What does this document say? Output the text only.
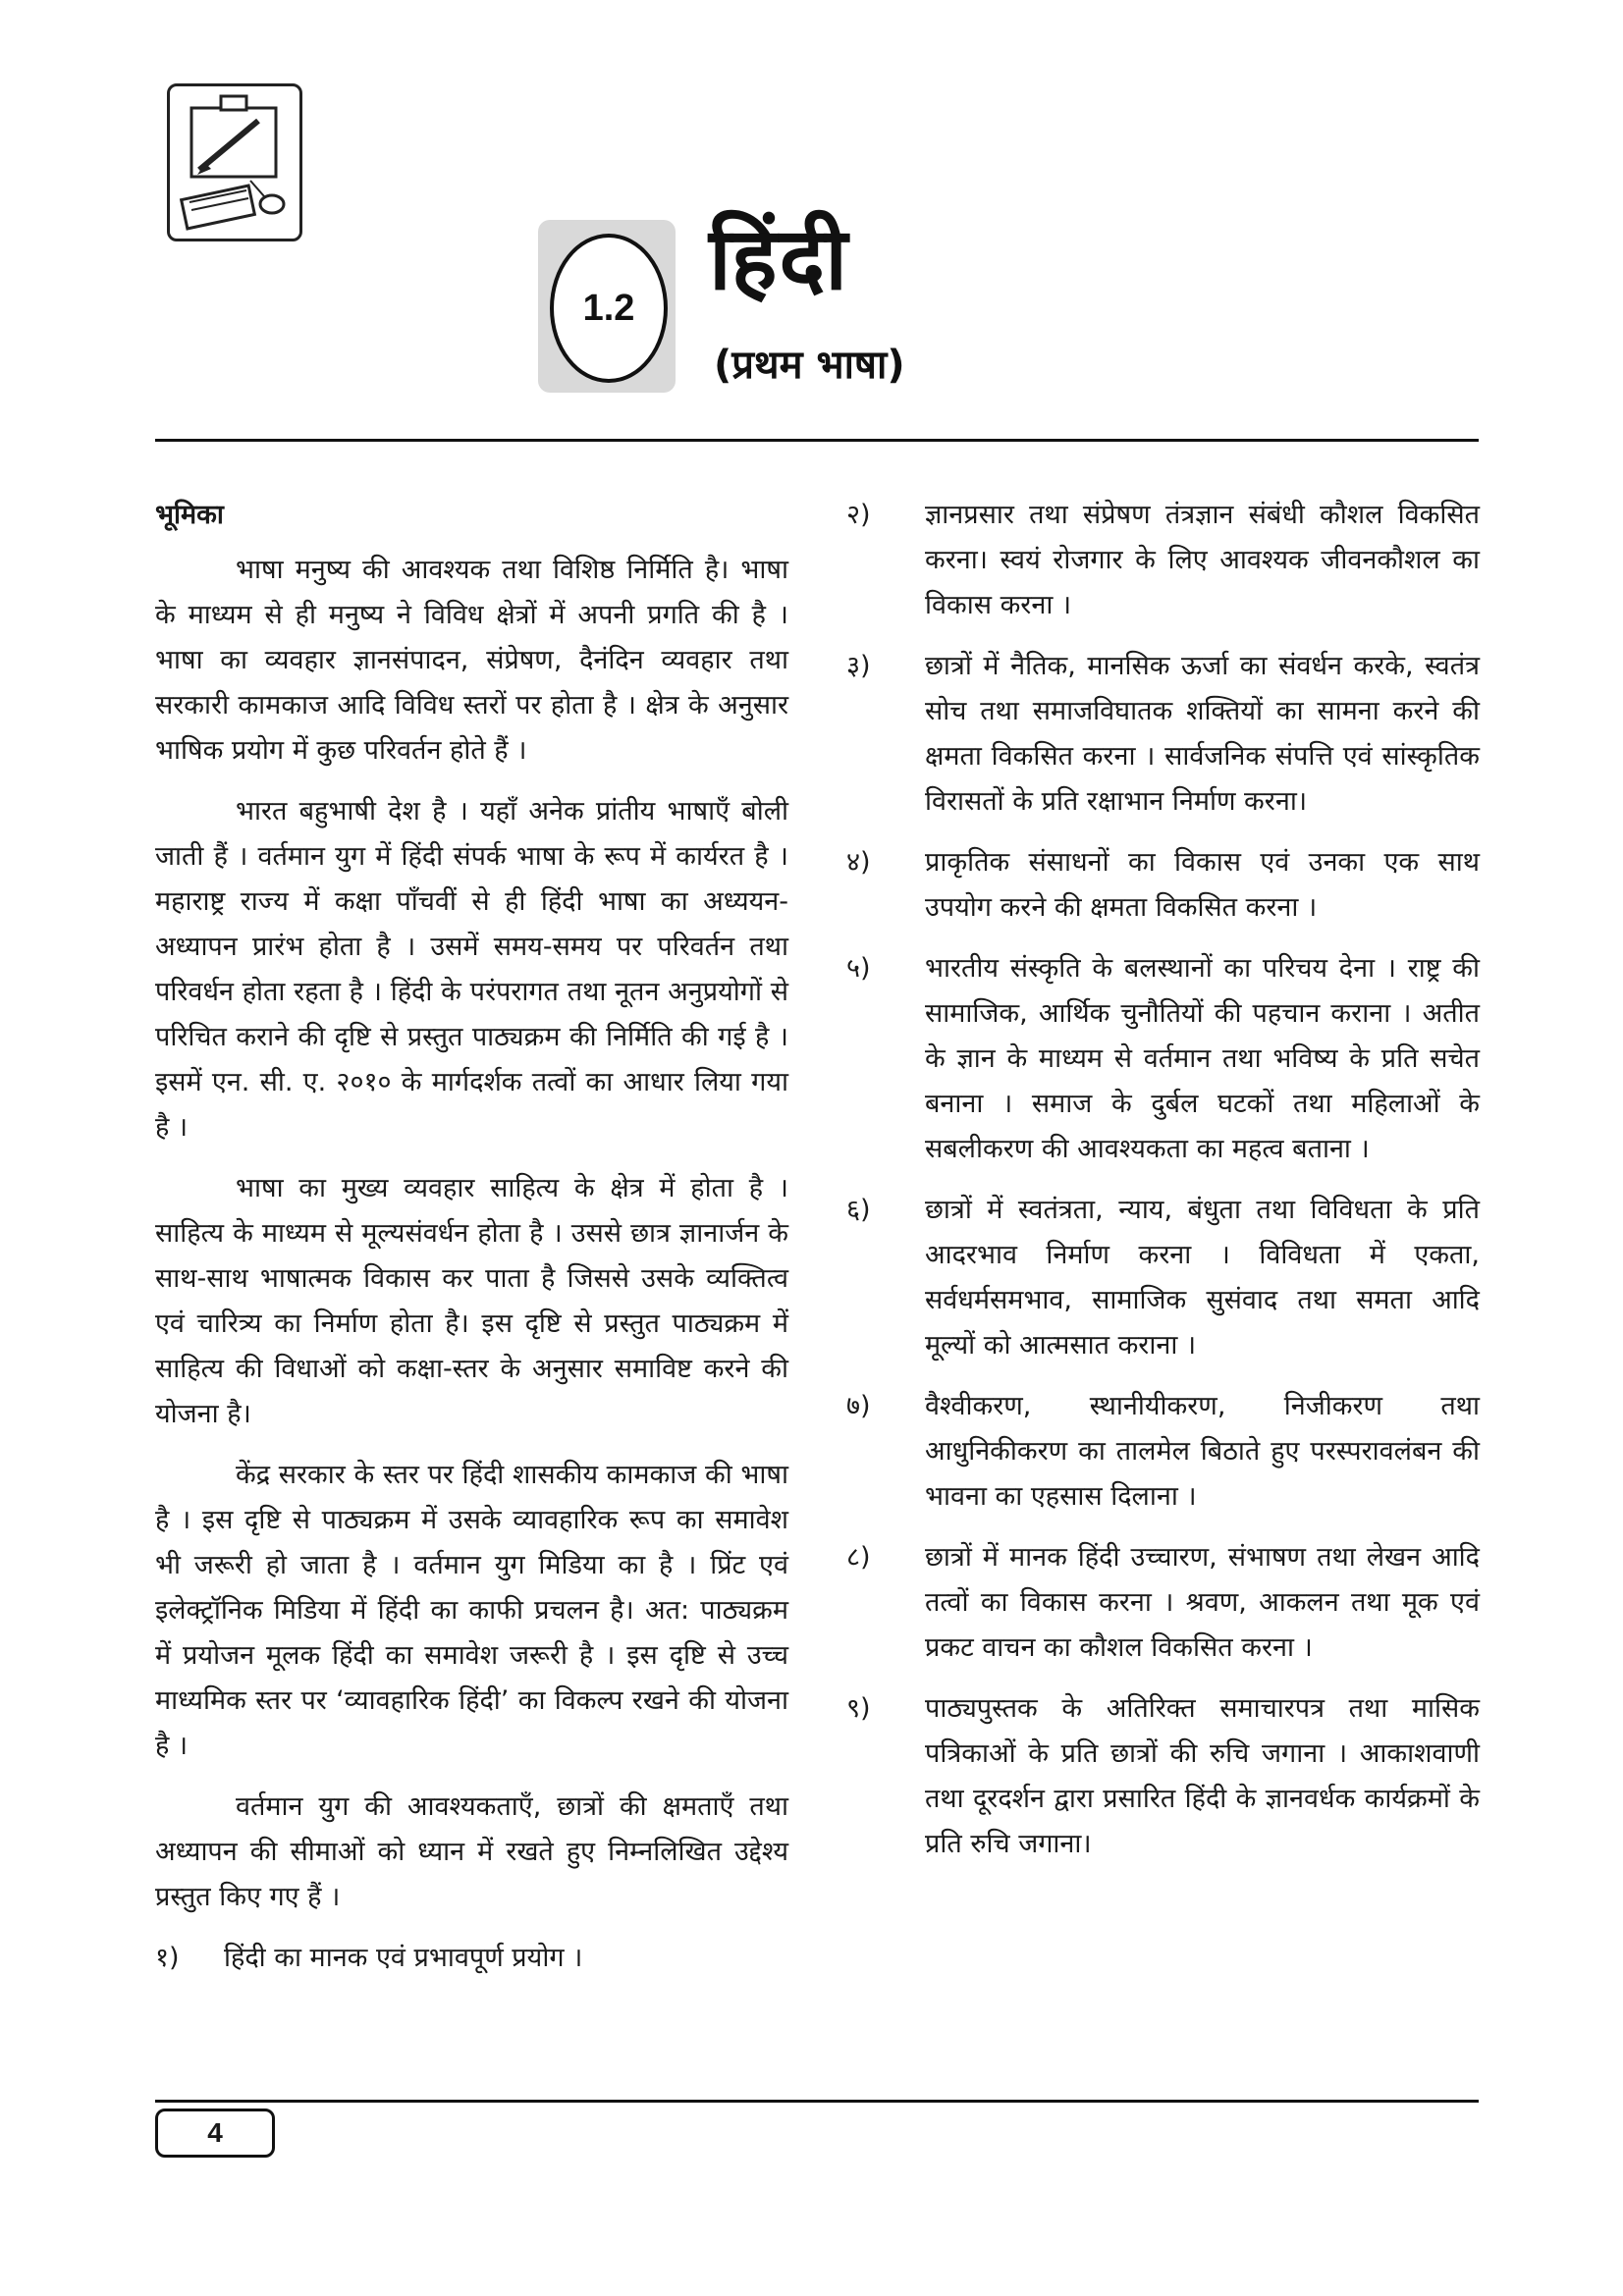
1.2 हिंदी
(प्रथम भाषा)
भूमिका

भाषा मनुष्य की आवश्यक तथा विशिष्ठ निर्मिति है। भाषा के माध्यम से ही मनुष्य ने विविध क्षेत्रों में अपनी प्रगति की है । भाषा का व्यवहार ज्ञानसंपादन, संप्रेषण, दैनंदिन व्यवहार तथा सरकारी कामकाज आदि विविध स्तरों पर होता है । क्षेत्र के अनुसार भाषिक प्रयोग में कुछ परिवर्तन होते हैं ।

भारत बहुभाषी देश है । यहाँ अनेक प्रांतीय भाषाएँ बोली जाती हैं । वर्तमान युग में हिंदी संपर्क भाषा के रूप में कार्यरत है । महाराष्ट्र राज्य में कक्षा पाँचवीं से ही हिंदी भाषा का अध्ययन-अध्यापन प्रारंभ होता है । उसमें समय-समय पर परिवर्तन तथा परिवर्धन होता रहता है । हिंदी के परंपरागत तथा नूतन अनुप्रयोगों से परिचित कराने की दृष्टि से प्रस्तुत पाठ्यक्रम की निर्मिति की गई है । इसमें एन. सी. ए. २०१० के मार्गदर्शक तत्वों का आधार लिया गया है ।

भाषा का मुख्य व्यवहार साहित्य के क्षेत्र में होता है । साहित्य के माध्यम से मूल्यसंवर्धन होता है । उससे छात्र ज्ञानार्जन के साथ-साथ भाषात्मक विकास कर पाता है जिससे उसके व्यक्तित्व एवं चारित्र्य का निर्माण होता है। इस दृष्टि से प्रस्तुत पाठ्यक्रम में साहित्य की विधाओं को कक्षा-स्तर के अनुसार समाविष्ट करने की योजना है।

केंद्र सरकार के स्तर पर हिंदी शासकीय कामकाज की भाषा है । इस दृष्टि से पाठ्यक्रम में उसके व्यावहारिक रूप का समावेश भी जरूरी हो जाता है । वर्तमान युग मिडिया का है । प्रिंट एवं इलेक्ट्रॉनिक मिडिया में हिंदी का काफी प्रचलन है। अत: पाठ्यक्रम में प्रयोजन मूलक हिंदी का समावेश जरूरी है । इस दृष्टि से उच्च माध्यमिक स्तर पर ‘व्यावहारिक हिंदी’ का विकल्प रखने की योजना है ।

वर्तमान युग की आवश्यकताएँ, छात्रों की क्षमताएँ तथा अध्यापन की सीमाओं को ध्यान में रखते हुए निम्नलिखित उद्देश्य प्रस्तुत किए गए हैं ।

१)	हिंदी का मानक एवं प्रभावपूर्ण प्रयोग ।
२)	ज्ञानप्रसार तथा संप्रेषण तंत्रज्ञान संबंधी कौशल विकसित करना। स्वयं रोजगार के लिए आवश्यक जीवनकौशल का विकास करना ।
३)	छात्रों में नैतिक, मानसिक ऊर्जा का संवर्धन करके, स्वतंत्र सोच तथा समाजविघातक शक्तियों का सामना करने की क्षमता विकसित करना । सार्वजनिक संपत्ति एवं सांस्कृतिक विरासतों के प्रति रक्षाभान निर्माण करना।
४)	प्राकृतिक संसाधनों का विकास एवं उनका एक साथ उपयोग करने की क्षमता विकसित करना ।
५)	भारतीय संस्कृति के बलस्थानों का परिचय देना । राष्ट्र की सामाजिक, आर्थिक चुनौतियों की पहचान कराना । अतीत के ज्ञान के माध्यम से वर्तमान तथा भविष्य के प्रति सचेत बनाना । समाज के दुर्बल घटकों तथा महिलाओं के सबलीकरण की आवश्यकता का महत्व बताना ।
६)	छात्रों में स्वतंत्रता, न्याय, बंधुता तथा विविधता के प्रति आदरभाव निर्माण करना । विविधता में एकता, सर्वधर्मसमभाव, सामाजिक सुसंवाद तथा समता आदि मूल्यों को आत्मसात कराना ।
७)	वैश्वीकरण, स्थानीयीकरण, निजीकरण तथा आधुनिकीकरण का तालमेल बिठाते हुए परस्परावलंबन की भावना का एहसास दिलाना ।
८)	छात्रों में मानक हिंदी उच्चारण, संभाषण तथा लेखन आदि तत्वों का विकास करना । श्रवण, आकलन तथा मूक एवं प्रकट वाचन का कौशल विकसित करना ।
९)	पाठ्यपुस्तक के अतिरिक्त समाचारपत्र तथा मासिक पत्रिकाओं के प्रति छात्रों की रुचि जगाना । आकाशवाणी तथा दूरदर्शन द्वारा प्रसारित हिंदी के ज्ञानवर्धक कार्यक्रमों के प्रति रुचि जगाना।
4
